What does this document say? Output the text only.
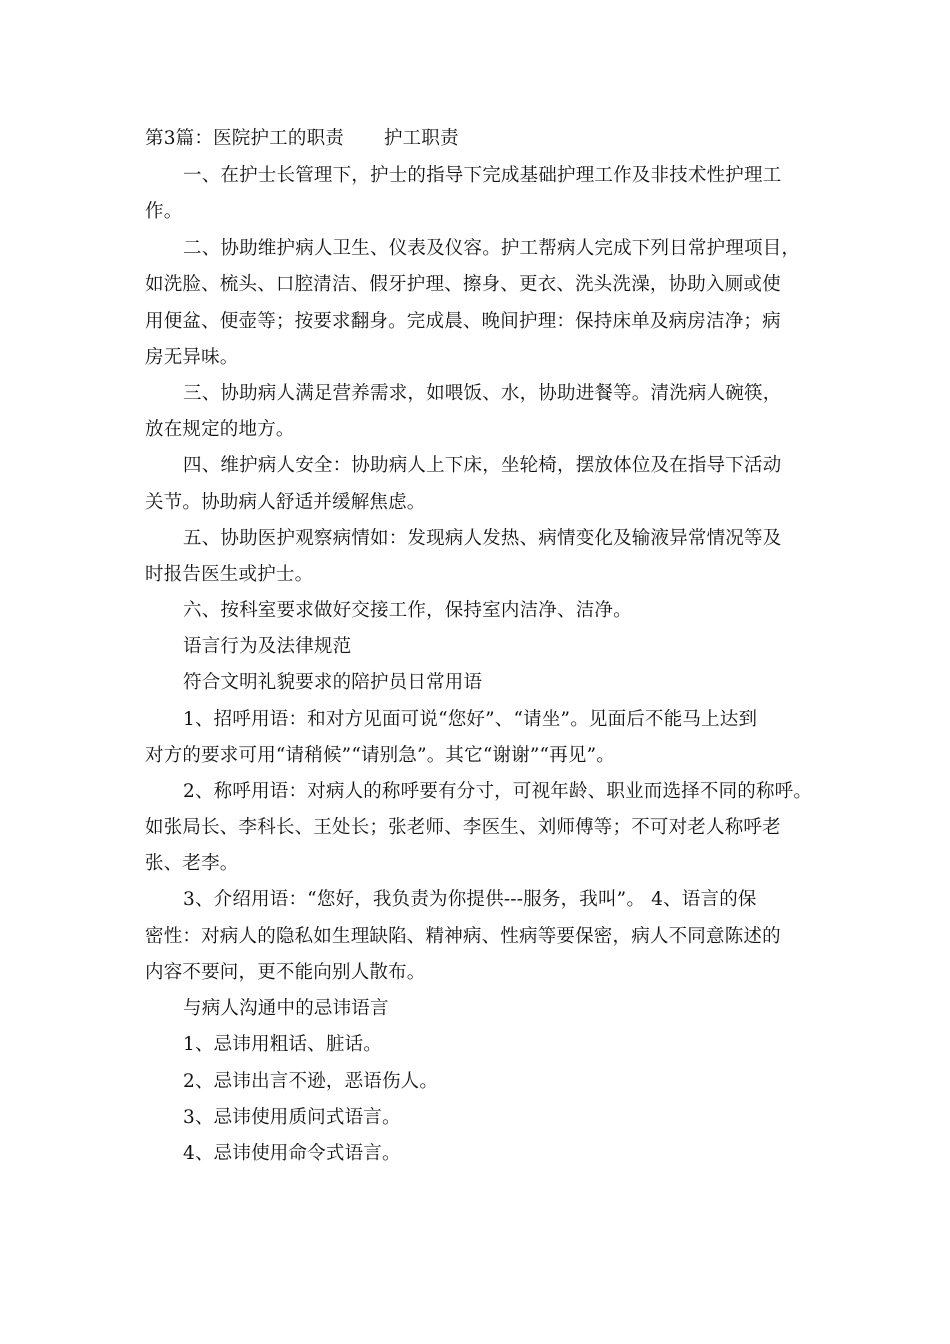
第3篇：医院护工的职责 护工职责
一、在护士长管理下，护士的指导下完成基础护理工作及非技术性护理工
作。
二、协助维护病人卫生、仪表及仪容。护工帮病人完成下列日常护理项目，
如洗脸、梳头、口腔清洁、假牙护理、擦身、更衣、洗头洗澡，协助入厕或使
用便盆、便壶等；按要求翻身。完成晨、晚间护理：保持床单及病房洁净；病
房无异味。
三、协助病人满足营养需求，如喂饭、水，协助进餐等。清洗病人碗筷，
放在规定的地方。
四、维护病人安全：协助病人上下床，坐轮椅，摆放体位及在指导下活动
关节。协助病人舒适并缓解焦虑。
五、协助医护观察病情如：发现病人发热、病情变化及输液异常情况等及
时报告医生或护士。
六、按科室要求做好交接工作，保持室内洁净、洁净。
语言行为及法律规范
符合文明礼貌要求的陪护员日常用语
1、招呼用语：和对方见面可说“您好”、“请坐”。见面后不能马上达到
对方的要求可用“请稍候”“请别急”。其它“谢谢”“再见”。
2、称呼用语：对病人的称呼要有分寸，可视年龄、职业而选择不同的称呼。
如张局长、李科长、王处长；张老师、李医生、刘师傅等；不可对老人称呼老
张、老李。
3、介绍用语：“您好，我负责为你提供---服务，我叫”。 4、语言的保
密性：对病人的隐私如生理缺陷、精神病、性病等要保密，病人不同意陈述的
内容不要问，更不能向别人散布。
与病人沟通中的忌讳语言
1、忌讳用粗话、脏话。
2、忌讳出言不逊，恶语伤人。
3、忌讳使用质问式语言。
4、忌讳使用命令式语言。
